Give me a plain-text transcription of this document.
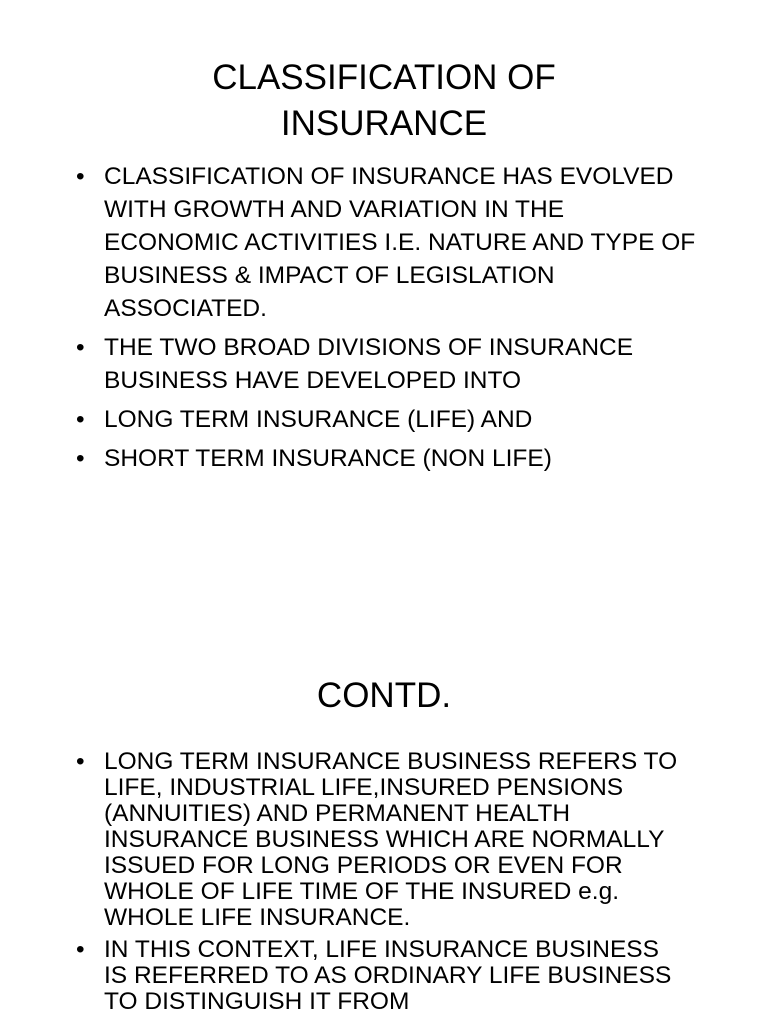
CLASSIFICATION OF
INSURANCE
• CLASSIFICATION OF INSURANCE HAS EVOLVED WITH GROWTH AND VARIATION IN THE ECONOMIC ACTIVITIES I.E. NATURE AND TYPE OF BUSINESS & IMPACT OF LEGISLATION ASSOCIATED.
• THE TWO BROAD DIVISIONS OF INSURANCE BUSINESS HAVE DEVELOPED INTO
• LONG TERM INSURANCE (LIFE) AND
• SHORT TERM INSURANCE (NON LIFE)
CONTD.
• LONG TERM INSURANCE BUSINESS REFERS TO LIFE, INDUSTRIAL LIFE,INSURED PENSIONS (ANNUITIES) AND PERMANENT HEALTH INSURANCE BUSINESS WHICH ARE NORMALLY ISSUED FOR LONG PERIODS OR EVEN FOR WHOLE OF LIFE TIME OF THE INSURED e.g. WHOLE LIFE INSURANCE.
• IN THIS CONTEXT, LIFE INSURANCE BUSINESS IS REFERRED TO AS ORDINARY LIFE BUSINESS TO DISTINGUISH IT FROM
